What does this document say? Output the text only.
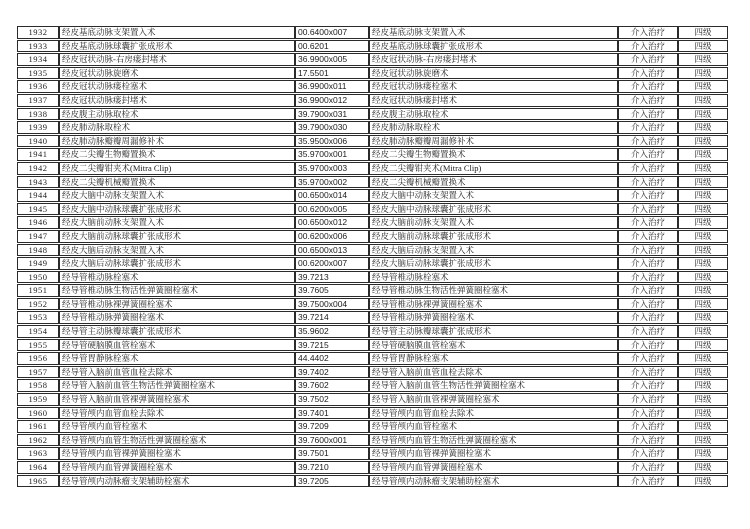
1932	经皮基底动脉支架置入术	00.6400x007	经皮基底动脉支架置入术	介入治疗	四级
1933	经皮基底动脉球囊扩张成形术	00.6201	经皮基底动脉球囊扩张成形术	介入治疗	四级
1934	经皮冠状动脉-右房瘘封堵术	36.9900x005	经皮冠状动脉-右房瘘封堵术	介入治疗	四级
1935	经皮冠状动脉旋磨术	17.5501	经皮冠状动脉旋磨术	介入治疗	四级
1936	经皮冠状动脉瘘栓塞术	36.9900x011	经皮冠状动脉瘘栓塞术	介入治疗	四级
1937	经皮冠状动脉瘘封堵术	36.9900x012	经皮冠状动脉瘘封堵术	介入治疗	四级
1938	经皮腹主动脉取栓术	39.7900x031	经皮腹主动脉取栓术	介入治疗	四级
1939	经皮肺动脉取栓术	39.7900x030	经皮肺动脉取栓术	介入治疗	四级
1940	经皮肺动脉瓣瓣周漏修补术	35.9500x006	经皮肺动脉瓣瓣周漏修补术	介入治疗	四级
1941	经皮二尖瓣生物瓣置换术	35.9700x001	经皮二尖瓣生物瓣置换术	介入治疗	四级
1942	经皮二尖瓣钳夹术(Mitra Clip)	35.9700x003	经皮二尖瓣钳夹术(Mitra Clip)	介入治疗	四级
1943	经皮二尖瓣机械瓣置换术	35.9700x002	经皮二尖瓣机械瓣置换术	介入治疗	四级
1944	经皮大脑中动脉支架置入术	00.6500x014	经皮大脑中动脉支架置入术	介入治疗	四级
1945	经皮大脑中动脉球囊扩张成形术	00.6200x005	经皮大脑中动脉球囊扩张成形术	介入治疗	四级
1946	经皮大脑前动脉支架置入术	00.6500x012	经皮大脑前动脉支架置入术	介入治疗	四级
1947	经皮大脑前动脉球囊扩张成形术	00.6200x006	经皮大脑前动脉球囊扩张成形术	介入治疗	四级
1948	经皮大脑后动脉支架置入术	00.6500x013	经皮大脑后动脉支架置入术	介入治疗	四级
1949	经皮大脑后动脉球囊扩张成形术	00.6200x007	经皮大脑后动脉球囊扩张成形术	介入治疗	四级
1950	经导管椎动脉栓塞术	39.7213	经导管椎动脉栓塞术	介入治疗	四级
1951	经导管椎动脉生物活性弹簧圈栓塞术	39.7605	经导管椎动脉生物活性弹簧圈栓塞术	介入治疗	四级
1952	经导管椎动脉裸弹簧圈栓塞术	39.7500x004	经导管椎动脉裸弹簧圈栓塞术	介入治疗	四级
1953	经导管椎动脉弹簧圈栓塞术	39.7214	经导管椎动脉弹簧圈栓塞术	介入治疗	四级
1954	经导管主动脉瓣球囊扩张成形术	35.9602	经导管主动脉瓣球囊扩张成形术	介入治疗	四级
1955	经导管硬脑膜血管栓塞术	39.7215	经导管硬脑膜血管栓塞术	介入治疗	四级
1956	经导管胃静脉栓塞术	44.4402	经导管胃静脉栓塞术	介入治疗	四级
1957	经导管入脑前血管血栓去除术	39.7402	经导管入脑前血管血栓去除术	介入治疗	四级
1958	经导管入脑前血管生物活性弹簧圈栓塞术	39.7602	经导管入脑前血管生物活性弹簧圈栓塞术	介入治疗	四级
1959	经导管入脑前血管裸弹簧圈栓塞术	39.7502	经导管入脑前血管裸弹簧圈栓塞术	介入治疗	四级
1960	经导管颅内血管血栓去除术	39.7401	经导管颅内血管血栓去除术	介入治疗	四级
1961	经导管颅内血管栓塞术	39.7209	经导管颅内血管栓塞术	介入治疗	四级
1962	经导管颅内血管生物活性弹簧圈栓塞术	39.7600x001	经导管颅内血管生物活性弹簧圈栓塞术	介入治疗	四级
1963	经导管颅内血管裸弹簧圈栓塞术	39.7501	经导管颅内血管裸弹簧圈栓塞术	介入治疗	四级
1964	经导管颅内血管弹簧圈栓塞术	39.7210	经导管颅内血管弹簧圈栓塞术	介入治疗	四级
1965	经导管颅内动脉瘤支架辅助栓塞术	39.7205	经导管颅内动脉瘤支架辅助栓塞术	介入治疗	四级
